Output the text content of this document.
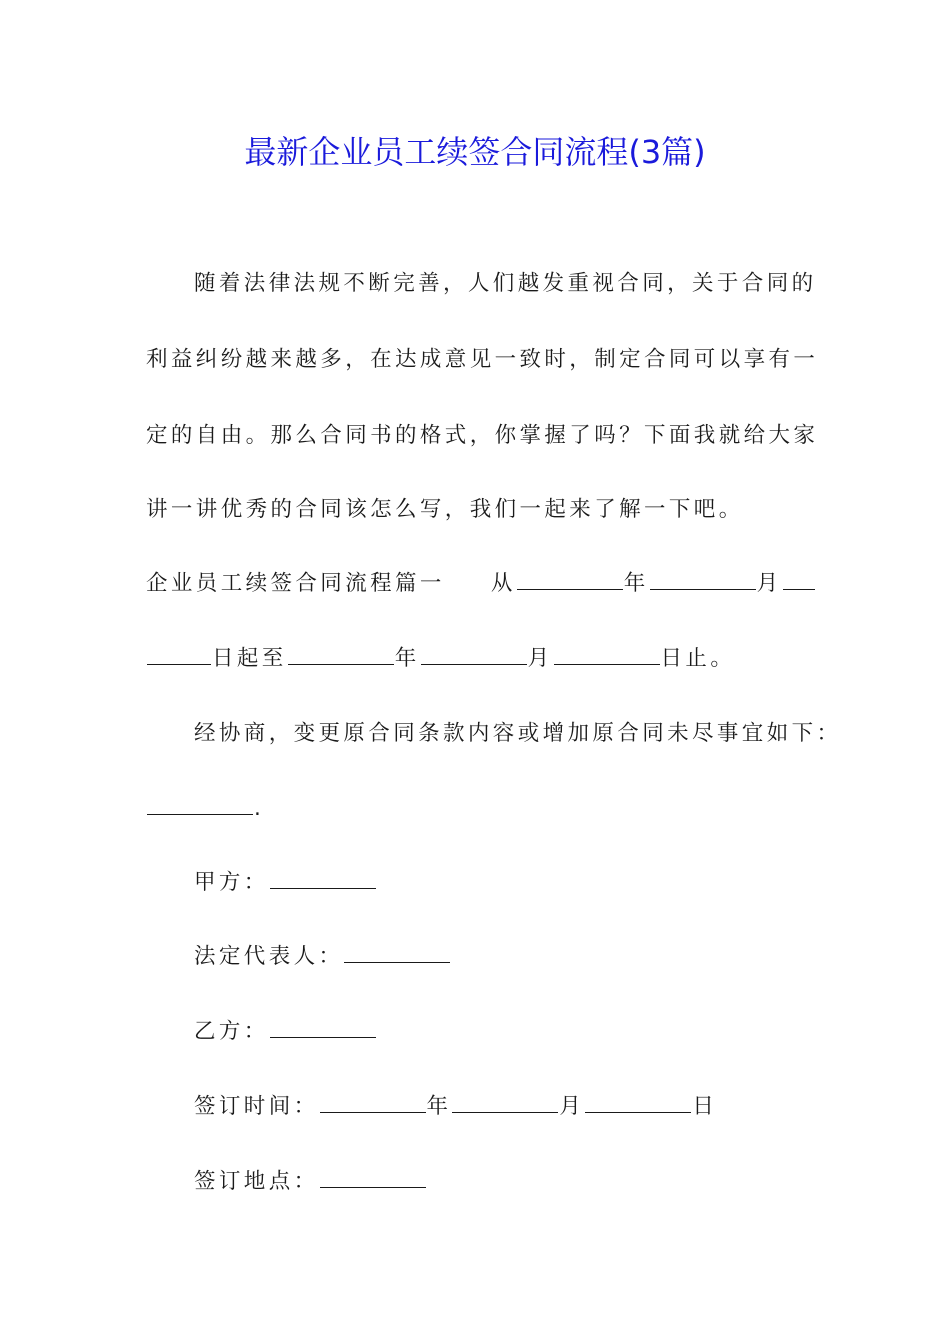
最新企业员工续签合同流程(3篇)
随着法律法规不断完善，人们越发重视合同，关于合同的
利益纠纷越来越多，在达成意见一致时，制定合同可以享有一
定的自由。那么合同书的格式，你掌握了吗？下面我就给大家
讲一讲优秀的合同该怎么写，我们一起来了解一下吧。
企业员工续签合同流程篇一 从	年	月
日起至	年	月	日止。
经协商，变更原合同条款内容或增加原合同未尽事宜如下：
.
甲方：
法定代表人：
乙方：
签订时间：	年	月	日
签订地点：
